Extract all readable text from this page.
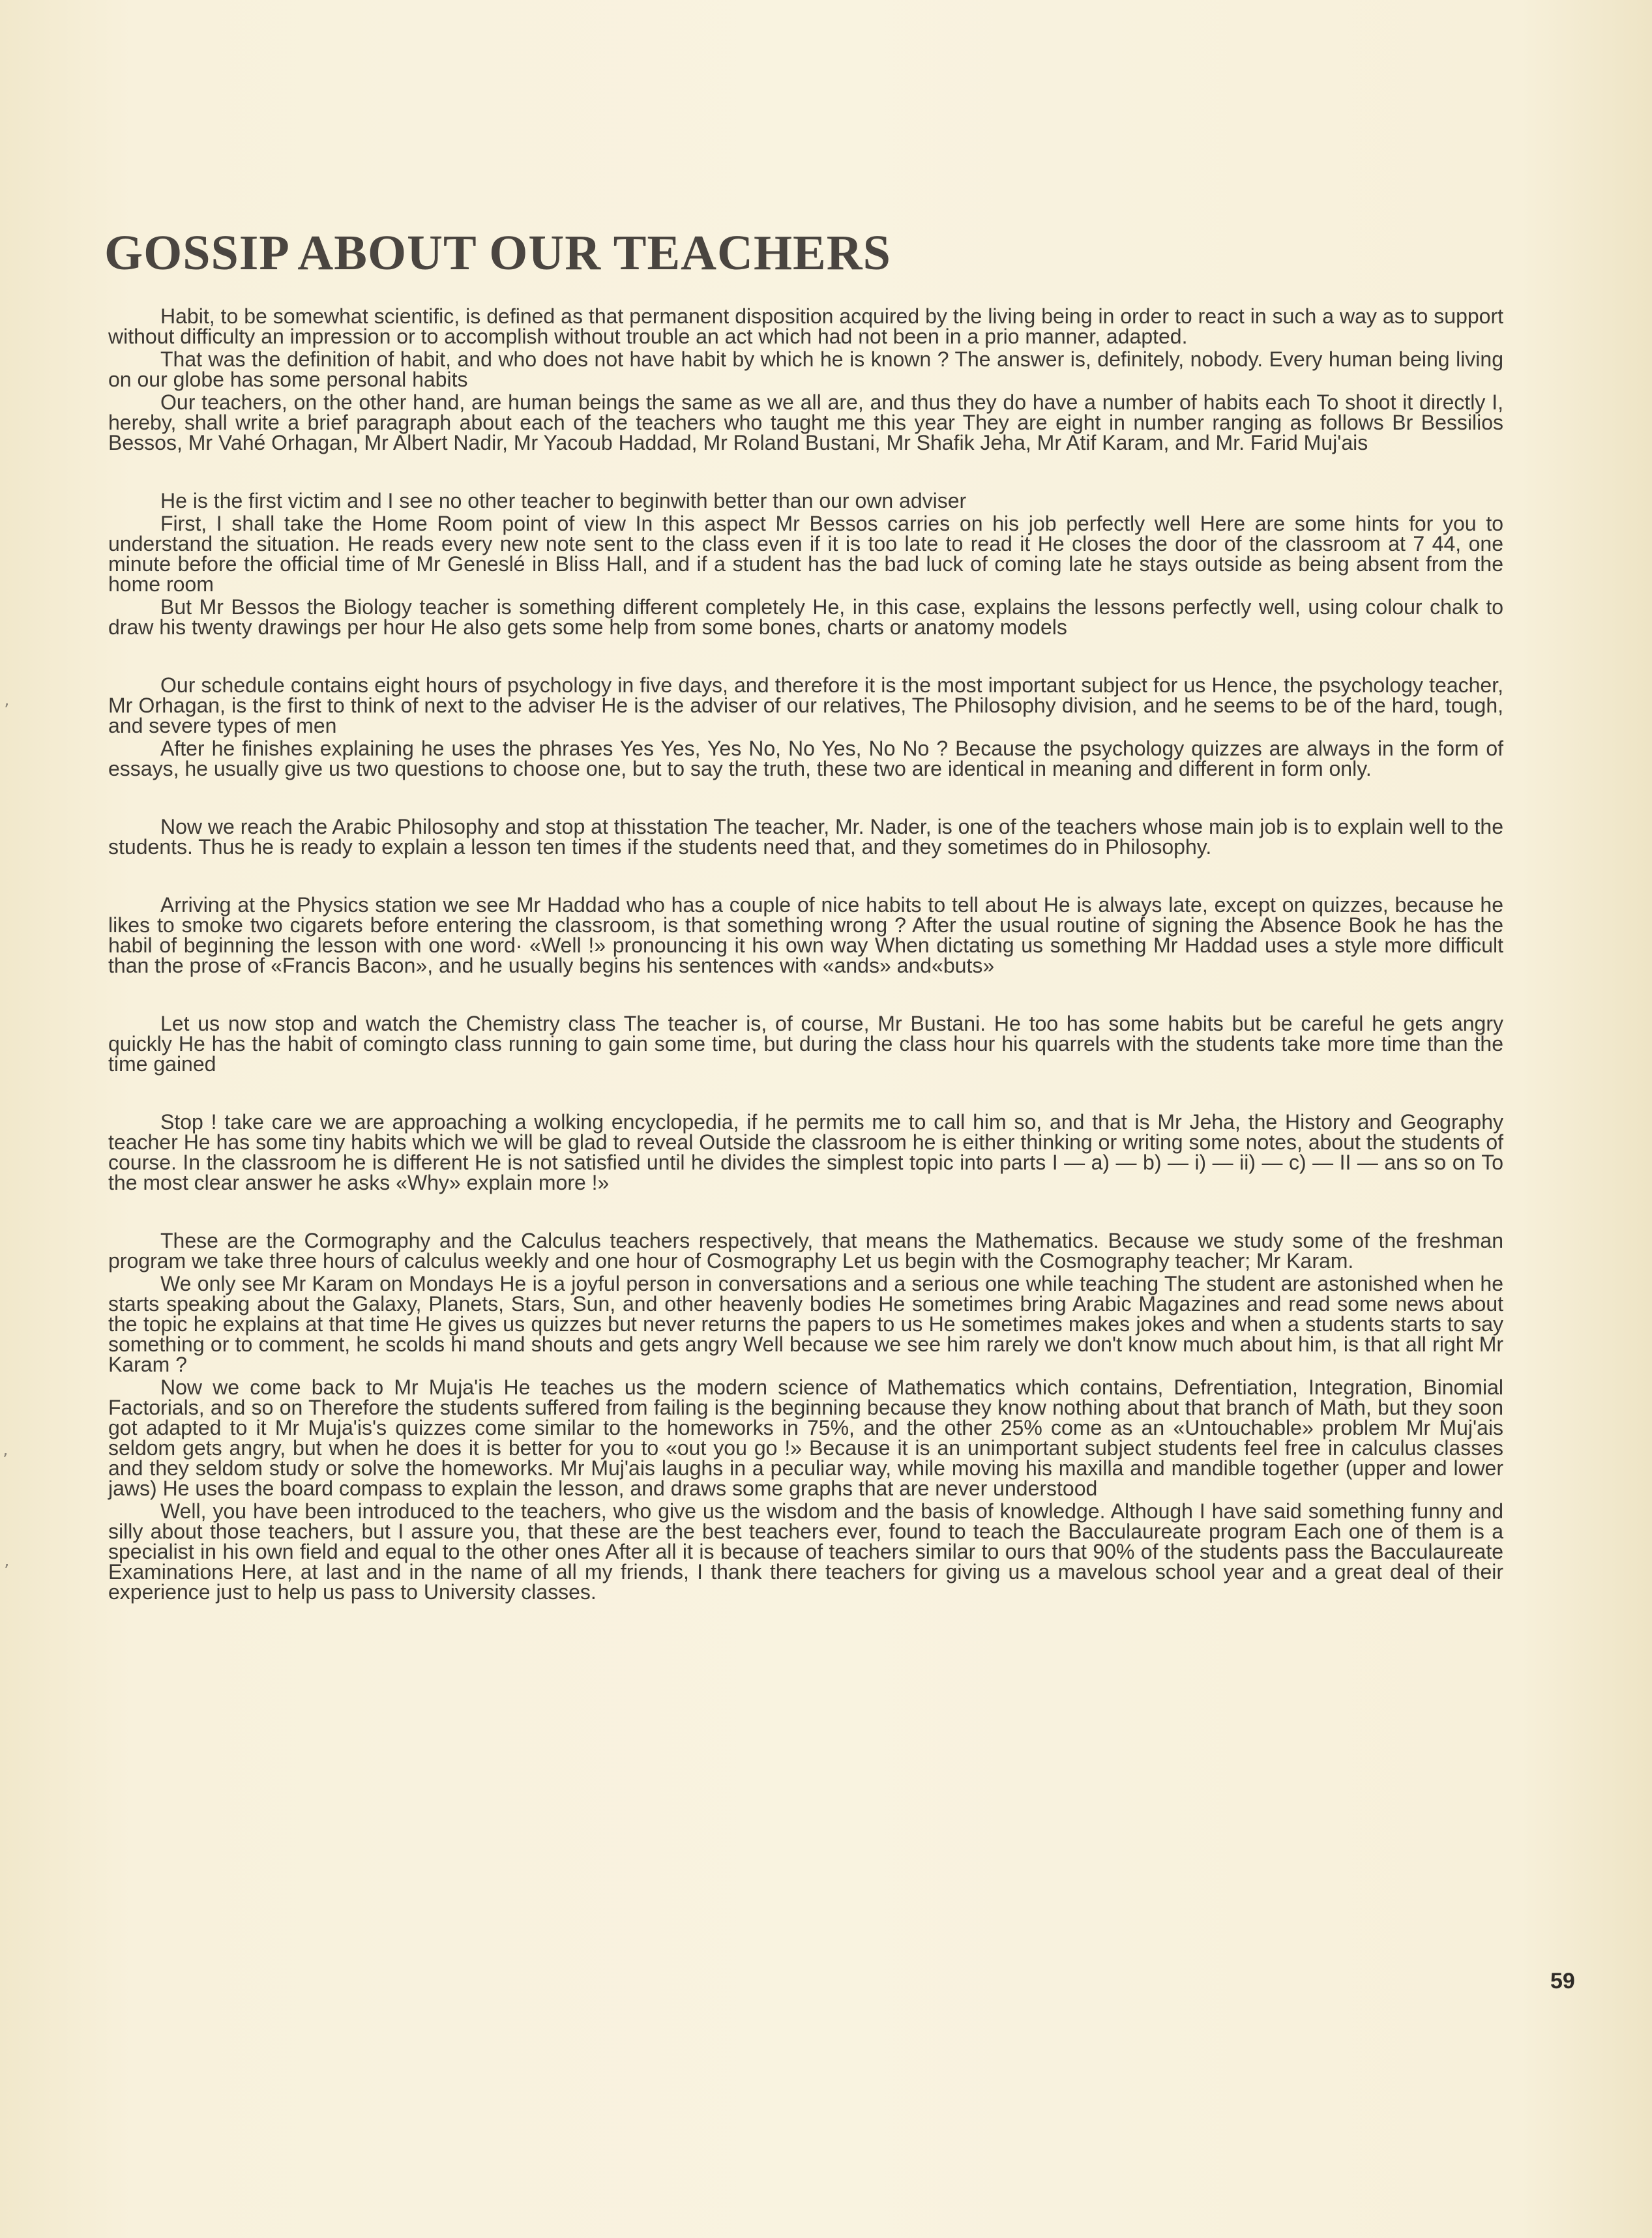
GOSSIP ABOUT OUR TEACHERS

Habit, to be somewhat scientific, is defined as that permanent disposition acquired by the living being in order to react in such a way as to support without difficulty an impression or to accomplish without trouble an act which had not been in a prio manner, adapted.

That was the definition of habit, and who does not have habit by which he is known ? The answer is, definitely, nobody. Every human being living on our globe has some personal habits

Our teachers, on the other hand, are human beings the same as we all are, and thus they do have a number of habits each To shoot it directly I, hereby, shall write a brief paragraph about each of the teachers who taught me this year They are eight in number ranging as follows Br Bessilios Bessos, Mr Vahé Orhagan, Mr Albert Nadir, Mr Yacoub Haddad, Mr Roland Bustani, Mr Shafik Jeha, Mr Atif Karam, and Mr. Farid Muj'ais

He is the first victim and I see no other teacher to beginwith better than our own adviser

First, I shall take the Home Room point of view In this aspect Mr Bessos carries on his job perfectly well Here are some hints for you to understand the situation. He reads every new note sent to the class even if it is too late to read it He closes the door of the classroom at 7 44, one minute before the official time of Mr Geneslé in Bliss Hall, and if a student has the bad luck of coming late he stays outside as being absent from the home room

But Mr Bessos the Biology teacher is something different completely He, in this case, explains the lessons perfectly well, using colour chalk to draw his twenty drawings per hour He also gets some help from some bones, charts or anatomy models

Our schedule contains eight hours of psychology in five days, and therefore it is the most important subject for us Hence, the psychology teacher, Mr Orhagan, is the first to think of next to the adviser He is the adviser of our relatives, The Philosophy division, and he seems to be of the hard, tough, and severe types of men

After he finishes explaining he uses the phrases Yes Yes, Yes No, No Yes, No No ? Because the psychology quizzes are always in the form of essays, he usually give us two questions to choose one, but to say the truth, these two are identical in meaning and different in form only.

Now we reach the Arabic Philosophy and stop at thisstation The teacher, Mr. Nader, is one of the teachers whose main job is to explain well to the students. Thus he is ready to explain a lesson ten times if the students need that, and they sometimes do in Philosophy.

Arriving at the Physics station we see Mr Haddad who has a couple of nice habits to tell about He is always late, except on quizzes, because he likes to smoke two cigarets before entering the classroom, is that something wrong ? After the usual routine of signing the Absence Book he has the habil of beginning the lesson with one word· «Well !» pronouncing it his own way When dictating us something Mr Haddad uses a style more difficult than the prose of «Francis Bacon», and he usually begins his sentences with «ands» and«buts»

Let us now stop and watch the Chemistry class The teacher is, of course, Mr Bustani. He too has some habits but be careful he gets angry quickly He has the habit of comingto class running to gain some time, but during the class hour his quarrels with the students take more time than the time gained

Stop ! take care we are approaching a wolking encyclopedia, if he permits me to call him so, and that is Mr Jeha, the History and Geography teacher He has some tiny habits which we will be glad to reveal Outside the classroom he is either thinking or writing some notes, about the students of course. In the classroom he is different He is not satisfied until he divides the simplest topic into parts I — a) — b) — i) — ii) — c) — II — ans so on To the most clear answer he asks «Why» explain more !»

These are the Cormography and the Calculus teachers respectively, that means the Mathematics. Because we study some of the freshman program we take three hours of calculus weekly and one hour of Cosmography Let us begin with the Cosmography teacher; Mr Karam.

We only see Mr Karam on Mondays He is a joyful person in conversations and a serious one while teaching The student are astonished when he starts speaking about the Galaxy, Planets, Stars, Sun, and other heavenly bodies He sometimes bring Arabic Magazines and read some news about the topic he explains at that time He gives us quizzes but never returns the papers to us He sometimes makes jokes and when a students starts to say something or to comment, he scolds hi mand shouts and gets angry Well because we see him rarely we don't know much about him, is that all right Mr Karam ?

Now we come back to Mr Muja'is He teaches us the modern science of Mathematics which contains, Defrentiation, Integration, Binomial Factorials, and so on Therefore the students suffered from failing is the beginning because they know nothing about that branch of Math, but they soon got adapted to it Mr Muja'is's quizzes come similar to the homeworks in 75%, and the other 25% come as an «Untouchable» problem Mr Muj'ais seldom gets angry, but when he does it is better for you to «out you go !» Because it is an unimportant subject students feel free in calculus classes and they seldom study or solve the homeworks. Mr Muj'ais laughs in a peculiar way, while moving his maxilla and mandible together (upper and lower jaws) He uses the board compass to explain the lesson, and draws some graphs that are never understood

Well, you have been introduced to the teachers, who give us the wisdom and the basis of knowledge. Although I have said something funny and silly about those teachers, but I assure you, that these are the best teachers ever, found to teach the Bacculaureate program Each one of them is a specialist in his own field and equal to the other ones After all it is because of teachers similar to ours that 90% of the students pass the Bacculaureate Examinations Here, at last and in the name of all my friends, I thank there teachers for giving us a mavelous school year and a great deal of their experience just to help us pass to University classes.

59
ʼ
ʼ
ʼ
